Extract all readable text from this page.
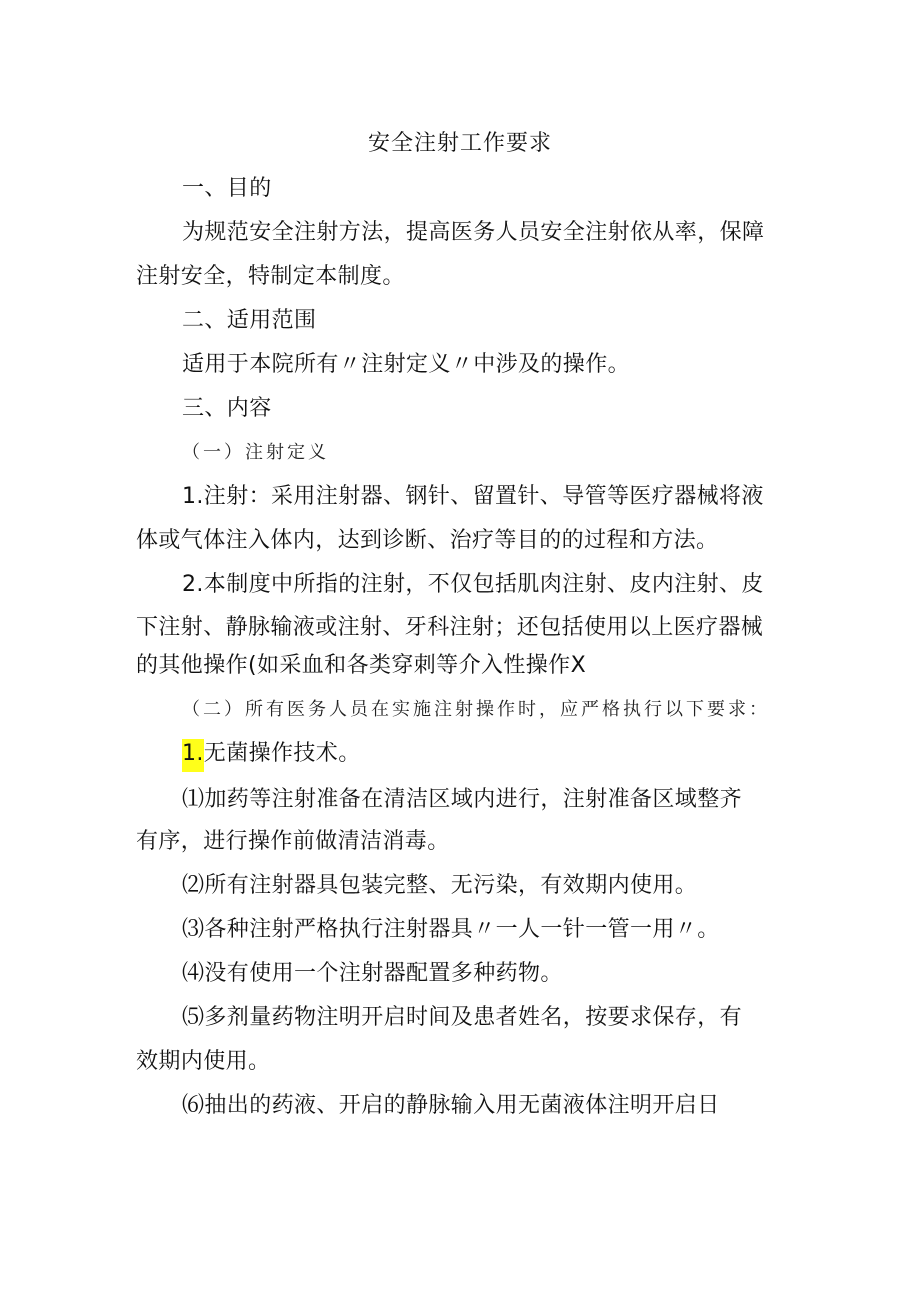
安全注射工作要求
一、目的
为规范安全注射方法，提高医务人员安全注射依从率，保障
注射安全，特制定本制度。
二、适用范围
适用于本院所有〃注射定义〃中涉及的操作。
三、内容
（一）注射定义
1.注射：采用注射器、钢针、留置针、导管等医疗器械将液
体或气体注入体内，达到诊断、治疗等目的的过程和方法。
2.本制度中所指的注射，不仅包括肌肉注射、皮内注射、皮
下注射、静脉输液或注射、牙科注射；还包括使用以上医疗器械
的其他操作(如采血和各类穿刺等介入性操作X
（二）所有医务人员在实施注射操作时，应严格执行以下要求：
1.无菌操作技术。
⑴加药等注射准备在清洁区域内进行，注射准备区域整齐
有序，进行操作前做清洁消毒。
⑵所有注射器具包装完整、无污染，有效期内使用。
⑶各种注射严格执行注射器具〃一人一针一管一用〃。
⑷没有使用一个注射器配置多种药物。
⑸多剂量药物注明开启时间及患者姓名，按要求保存，有
效期内使用。
⑹抽出的药液、开启的静脉输入用无菌液体注明开启日
